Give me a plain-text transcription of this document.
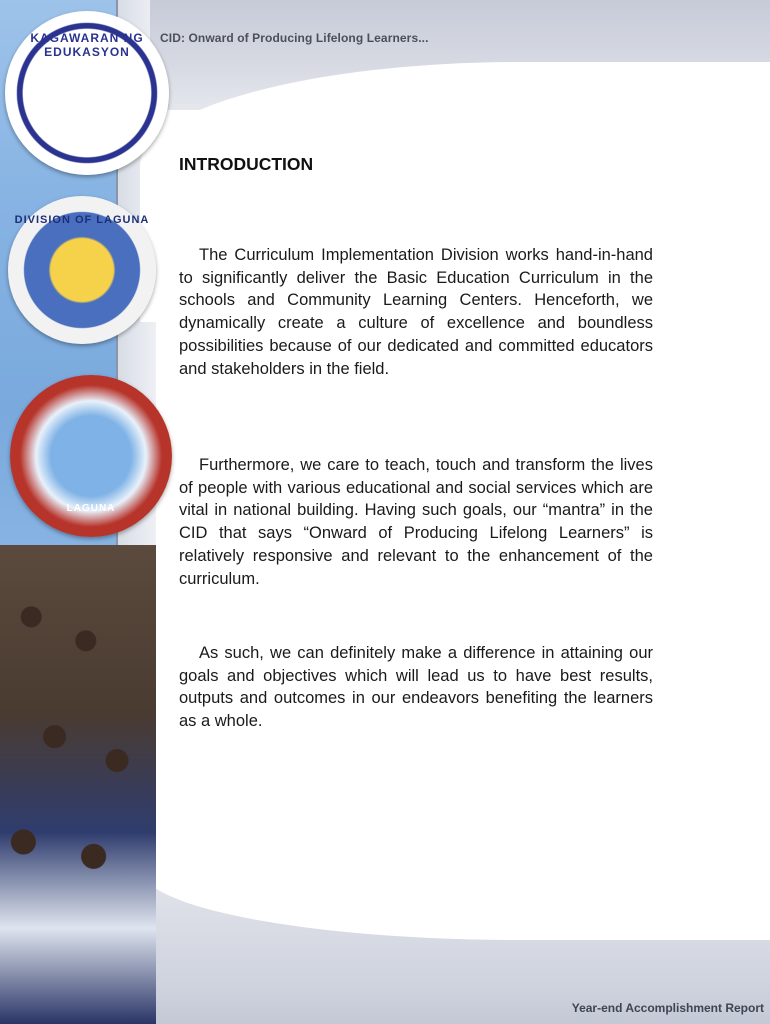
CID: Onward of Producing Lifelong Learners...
KAGAWARAN NG EDUKASYON
DIVISION OF LAGUNA
LAGUNA
INTRODUCTION

The Curriculum Implementation Division works hand-in-hand to significantly deliver the Basic Education Curriculum in the schools and Community Learning Centers. Henceforth, we dynamically create a culture of excellence and boundless possibilities because of our dedicated and committed educators and stakeholders in the field.

Furthermore, we care to teach, touch and transform the lives of people with various educational and social services which are vital in national building. Having such goals, our “mantra” in the CID that says “Onward of Producing Lifelong Learners” is relatively responsive and relevant to the enhancement of the curriculum.

As such, we can definitely make a difference in attaining our goals and objectives which will lead us to have best results, outputs and outcomes in our endeavors benefiting the learners as a whole.

Year-end Accomplishment Report
